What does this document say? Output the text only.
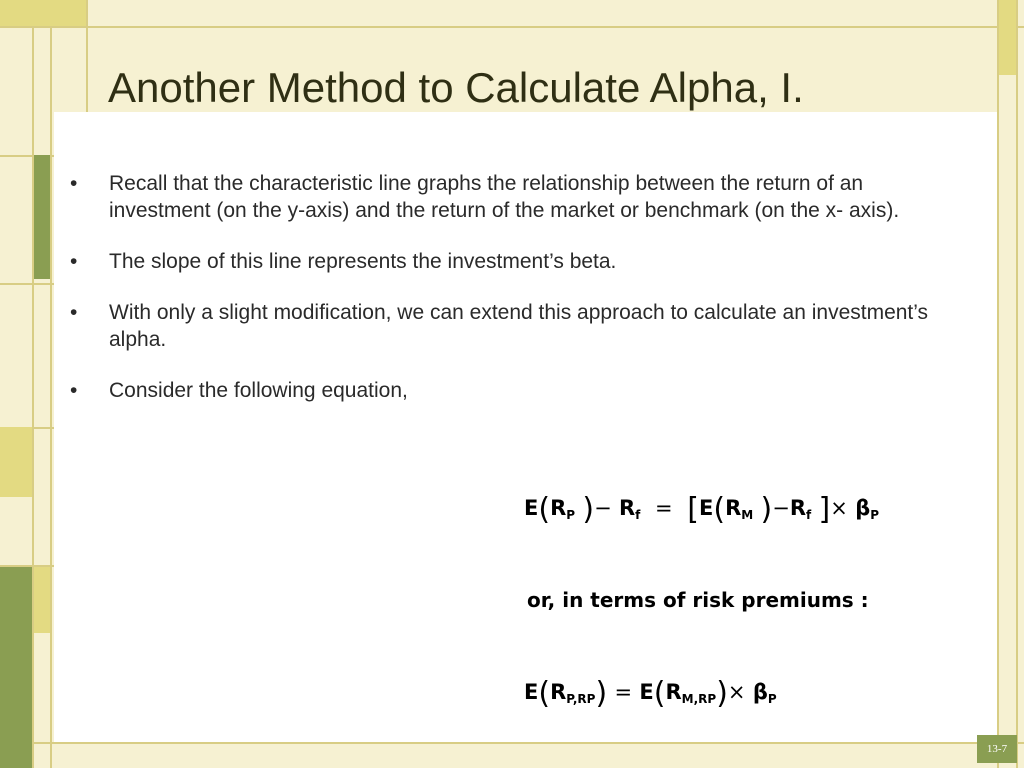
Another Method to Calculate Alpha, I.
• Recall that the characteristic line graphs the relationship between the return of an investment (on the y-axis) and the return of the market or benchmark (on the x- axis).
• The slope of this line represents the investment’s beta.
• With only a slight modification, we can extend this approach to calculate an investment’s alpha.
• Consider the following equation,
$E(R_P$ )− $R_f = [E(R_M$ )$-R_f$ ]× $\beta_P$
or, in terms of risk premiums :
$E(R_{P,RP}) = E(R_{M,RP})\times \beta_P$
13-7
